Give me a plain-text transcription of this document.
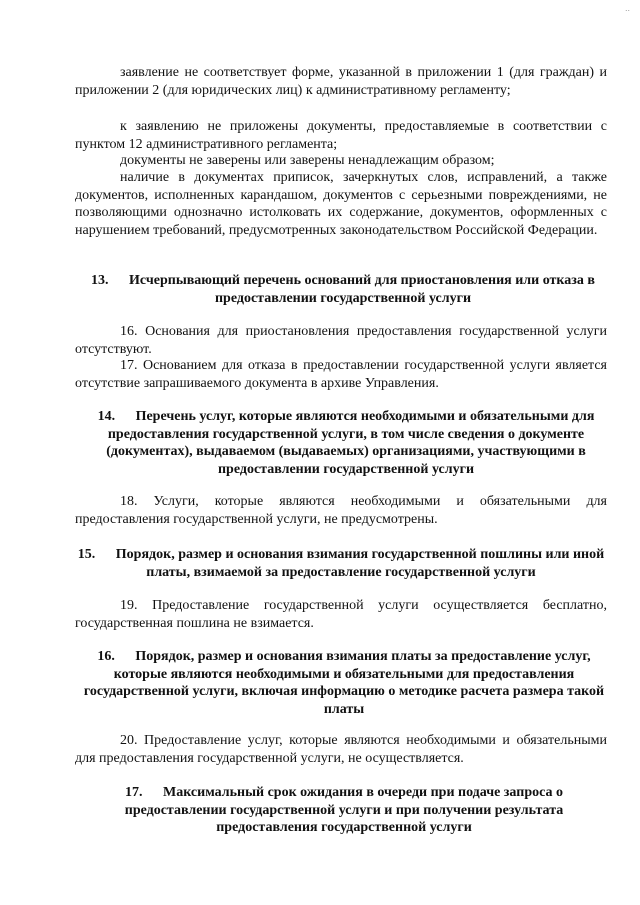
..

заявление не соответствует форме, указанной в приложении 1 (для граждан) и приложении 2 (для юридических лиц) к административному регламенту;

к заявлению не приложены документы, предоставляемые в соответствии с пунктом 12 административного регламента;

документы не заверены или заверены ненадлежащим образом;

наличие в документах приписок, зачеркнутых слов, исправлений, а также документов, исполненных карандашом, документов с серьезными повреждениями, не позволяющими однозначно истолковать их содержание, документов, оформленных с нарушением требований, предусмотренных законодательством Российской Федерации.

13. Исчерпывающий перечень оснований для приостановления или отказа в предоставлении государственной услуги

16. Основания для приостановления предоставления государственной услуги отсутствуют.

17. Основанием для отказа в предоставлении государственной услуги является отсутствие запрашиваемого документа в архиве Управления.

14. Перечень услуг, которые являются необходимыми и обязательными для предоставления государственной услуги, в том числе сведения о документе (документах), выдаваемом (выдаваемых) организациями, участвующими в предоставлении государственной услуги

18. Услуги, которые являются необходимыми и обязательными для предоставления государственной услуги, не предусмотрены.

15. Порядок, размер и основания взимания государственной пошлины или иной платы, взимаемой за предоставление государственной услуги

19. Предоставление государственной услуги осуществляется бесплатно, государственная пошлина не взимается.

16. Порядок, размер и основания взимания платы за предоставление услуг, которые являются необходимыми и обязательными для предоставления государственной услуги, включая информацию о методике расчета размера такой платы

20. Предоставление услуг, которые являются необходимыми и обязательными для предоставления государственной услуги, не осуществляется.

17. Максимальный срок ожидания в очереди при подаче запроса о предоставлении государственной услуги и при получении результата предоставления государственной услуги
